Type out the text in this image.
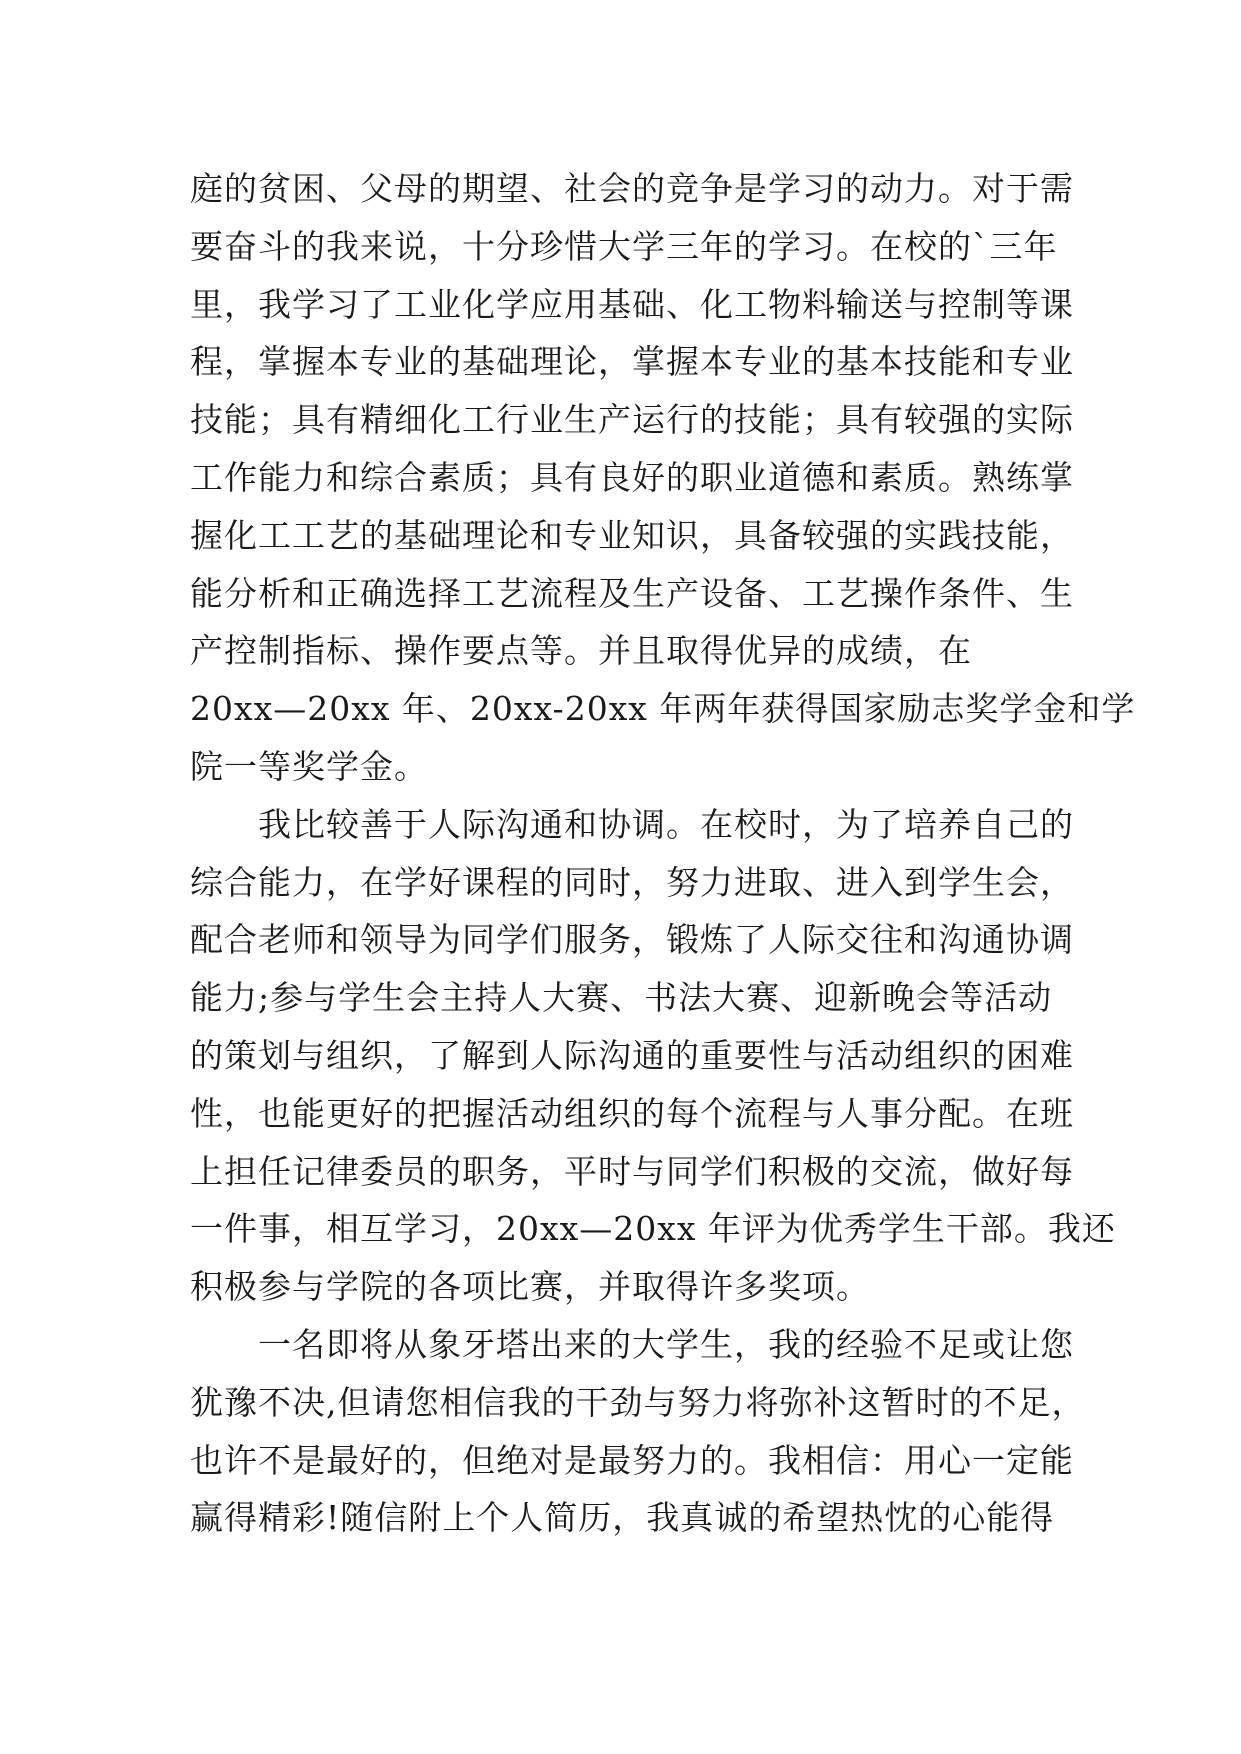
庭的贫困、父母的期望、社会的竞争是学习的动力。对于需
要奋斗的我来说，十分珍惜大学三年的学习。在校的`三年
里，我学习了工业化学应用基础、化工物料输送与控制等课
程，掌握本专业的基础理论，掌握本专业的基本技能和专业
技能；具有精细化工行业生产运行的技能；具有较强的实际
工作能力和综合素质；具有良好的职业道德和素质。熟练掌
握化工工艺的基础理论和专业知识，具备较强的实践技能，
能分析和正确选择工艺流程及生产设备、工艺操作条件、生
产控制指标、操作要点等。并且取得优异的成绩，在
20xx—20xx 年、20xx-20xx 年两年获得国家励志奖学金和学
院一等奖学金。
我比较善于人际沟通和协调。在校时，为了培养自己的
综合能力，在学好课程的同时，努力进取、进入到学生会，
配合老师和领导为同学们服务，锻炼了人际交往和沟通协调
能力;参与学生会主持人大赛、书法大赛、迎新晚会等活动
的策划与组织，了解到人际沟通的重要性与活动组织的困难
性，也能更好的把握活动组织的每个流程与人事分配。在班
上担任记律委员的职务，平时与同学们积极的交流，做好每
一件事，相互学习，20xx—20xx 年评为优秀学生干部。我还
积极参与学院的各项比赛，并取得许多奖项。
一名即将从象牙塔出来的大学生，我的经验不足或让您
犹豫不决,但请您相信我的干劲与努力将弥补这暂时的不足，
也许不是最好的，但绝对是最努力的。我相信：用心一定能
赢得精彩!随信附上个人简历，我真诚的希望热忱的心能得
